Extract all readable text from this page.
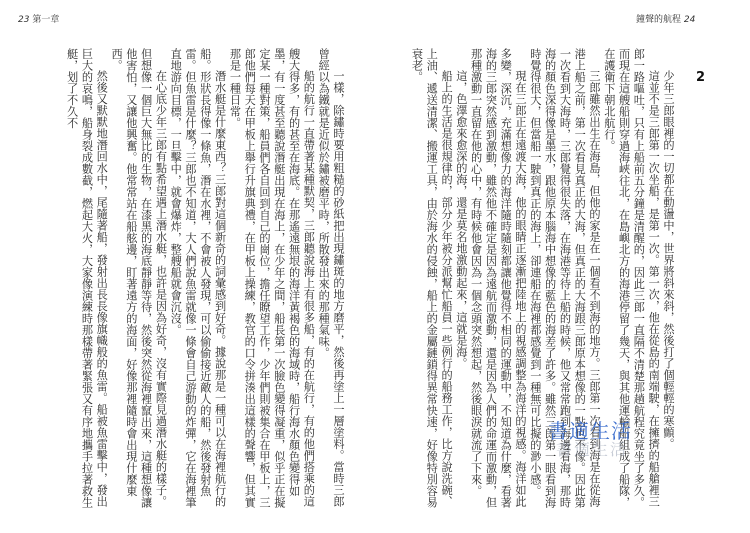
23 第一章	鐘聲的航程 24
2

少年三郎眼裡的一切都在動盪中，世界將斜來斜，然後打了個輕輕的寒顫。

這並不是三郎第一次坐船，是第一次。第一次，他在從島的南端駛，在擁擠的船艙裡三郎一路嘔吐，只有上船前五分鐘是清醒的，因此三郎一直隔不清楚那趟航程究竟坐了多久。而現在這艘船則穿過海峽往北，在島嶼北方的海港停留了幾天，與其他運輸船組成了船隊，在護衛下朝北航行。

三郎雖然出生在海島，但他的家是在一個看不到海的地方。三郎第一次看到海是在從海港上船之前，第一次看見真正的大海，但真正的大海跟三郎原本想像的一點也不像。因此第一次看到大海時，三郎覺得很失落，在海港等待上船的時候，他又常常跑到海邊看海，那時海的顏色深得像是墨水，跟他原本腦海中想像的藍色的海差了許多。雖然三郎第一眼看到海時覺得很大，但當船一駛到真正的海上，卻連船在海裡都感覺到一種無可比擬的渺小感。

現在三郎正在遠渡大海，他的眼睛正逐漸把陸地上的視感調整為海洋的視感。海洋如此多變，深沉，充滿想像力的海洋隨時隨刻都讓他覺得不相同的運動中，不知道為什麼，看著海的三郎突然感到激動，雖然他不確定是因為遠航而激動，還是因為人們的命運而激動，但那種激動一直留在他的心中，有時候他會因為一個念頭突然想起，然後眼淚就流了下來。

這，色澤愈來愈深的海，還是莫名地激動起來，這就是海。

船上的生活是很規律的，部分少年被分派幫忙船員一些例行的船務工作，比方說洗碗、上油、遞送清潔、搬運工具，由於海水的侵蝕，船上的金屬鏈鎖得異常快速，好像特別容易衰老。

一樣，除鏽時要用粗糙的砂紙把出現鏽斑的地方磨平，然後再塗上一層塗料。當時三郎曾經以為鐵就是近似於鏽被磨平時，所散發出來的那種氣味。

船的航行一直帶著某種默契，三郎聽說海上有很多船，有的在航行，有的他們搭乘的這艘大得多，有的甚至在海底。在那遙遠無垠的海洋黃褐色的海域時，船行海水顏色變得如墨，有一度甚至聽說潛艇出現在海上，在少年之間，船長第一次臉色變得凝重，似乎正在擬定某一種對策，船員們各自回到自己的崗位，擔任瞭望工作，少年們則被集合在甲板上，三郎他們每天在甲板上舉行升旗典禮，在甲板上操練，教官的口令拼湊出這樣的聲響，但其實那是一種日常。

潛水艇是什麼東西？三郎對這個新奇的詞彙感到好奇。據說那是一種可以在海裡航行的船。形狀長得像一條魚，潛在水裡，不會被人發現，可以偷偷接近敵人的船，然後發射魚雷。但魚雷是什麼？三郎也不知道，大人們說魚雷就像一條會自己游動的炸彈，它在海裡筆直地游向目標，一旦擊中，就會爆炸，整艘船就會沉沒。

在心底少年三郎有點希望遇上潛水艇，也許是因為好奇，沒有實際見過潛水艇的樣子。但想像一個巨大無比的生物，在漆黑的海底靜靜等待，然後突然從海裡竄出來，這種想像讓他害怕，又讓他興奮。他常常站在船舷邊，盯著遠方的海面，好像那裡隨時會出現什麼東西。

然後又默默地潛回水中，尾隨著船，發射出長長像旗幟般的魚雷。船被魚雷擊中，發出巨大的哀鳴，船身裂成數截，燃起大火，大家像演練時那樣帶著緊張又有序地攜手拉著救生艇，划了不久不

書適生活
書適生活
